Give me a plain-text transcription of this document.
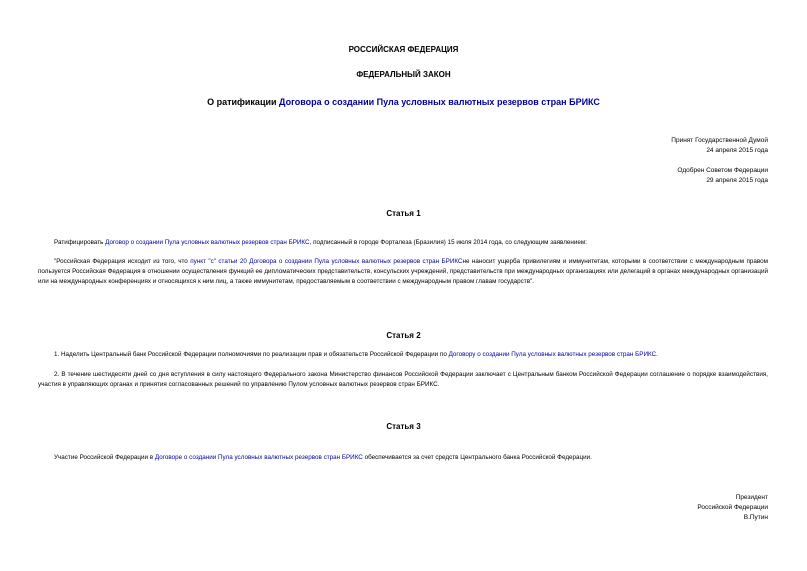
РОССИЙСКАЯ ФЕДЕРАЦИЯ
ФЕДЕРАЛЬНЫЙ ЗАКОН
О ратификации Договора о создании Пула условных валютных резервов стран БРИКС
Принят Государственной Думой
24 апреля 2015 года
Одобрен Советом Федерации
29 апреля 2015 года
Статья 1
Ратифицировать Договор о создании Пула условных валютных резервов стран БРИКС, подписанный в городе Форталеза (Бразилия) 15 июля 2014 года, со следующим заявлением:
"Российская Федерация исходит из того, что пункт "c" статьи 20 Договора о создании Пула условных валютных резервов стран БРИКСне наносит ущерба привилегиям и иммунитетам, которыми в соответствии с международным правом пользуется Российская Федерация в отношении осуществления функций ее дипломатических представительств, консульских учреждений, представительств при международных организациях или делегаций в органах международных организаций или на международных конференциях и относящихся к ним лиц, а также иммунитетам, предоставляемым в соответствии с международным правом главам государств".
Статья 2
1. Наделить Центральный банк Российской Федерации полномочиями по реализации прав и обязательств Российской Федерации по Договору о создании Пула условных валютных резервов стран БРИКС.
2. В течение шестидесяти дней со дня вступления в силу настоящего Федерального закона Министерство финансов Российской Федерации заключает с Центральным банком Российской Федерации соглашение о порядке взаимодействия, участия в управляющих органах и принятия согласованных решений по управлению Пулом условных валютных резервов стран БРИКС.
Статья 3
Участие Российской Федерации в Договоре о создании Пула условных валютных резервов стран БРИКС обеспечивается за счет средств Центрального банка Российской Федерации.
Президент
Российской Федерации
В.Путин
